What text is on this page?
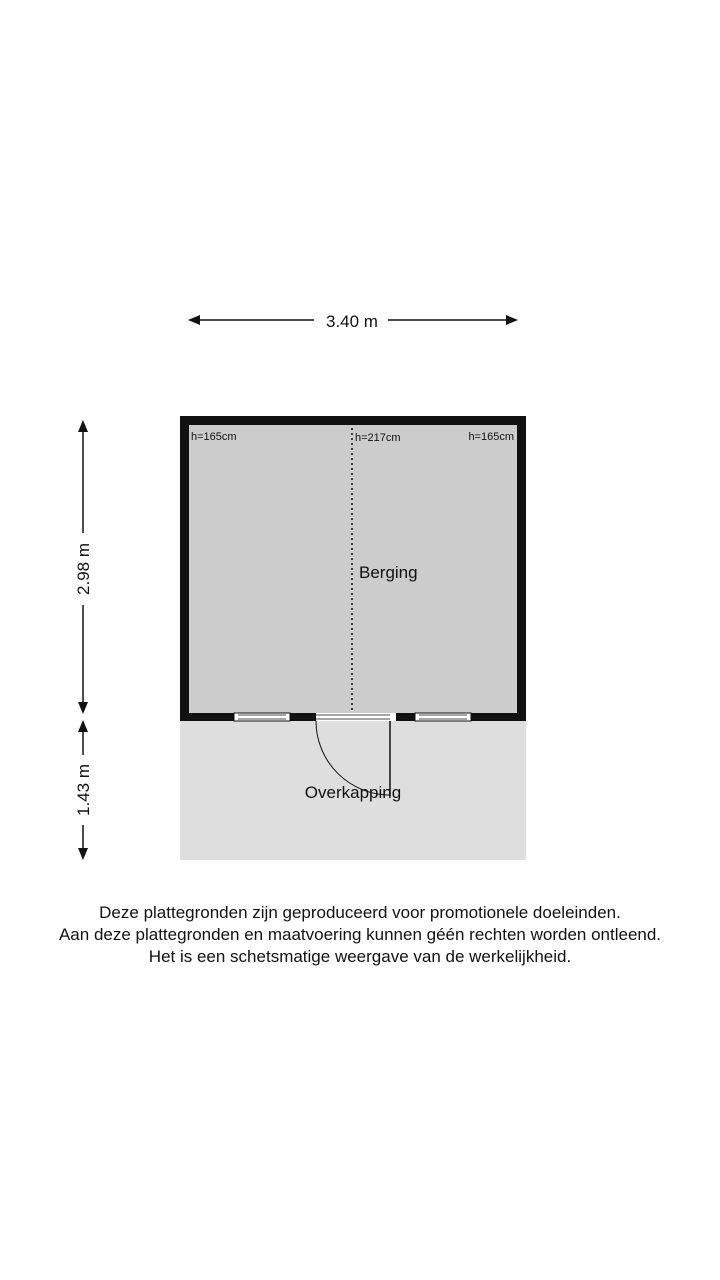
3.40 m
2.98 m
1.43 m
h=165cm	h=217cm	h=165cm
Berging
Overkapping
Deze plattegronden zijn geproduceerd voor promotionele doeleinden.
Aan deze plattegronden en maatvoering kunnen géén rechten worden ontleend.
Het is een schetsmatige weergave van de werkelijkheid.
